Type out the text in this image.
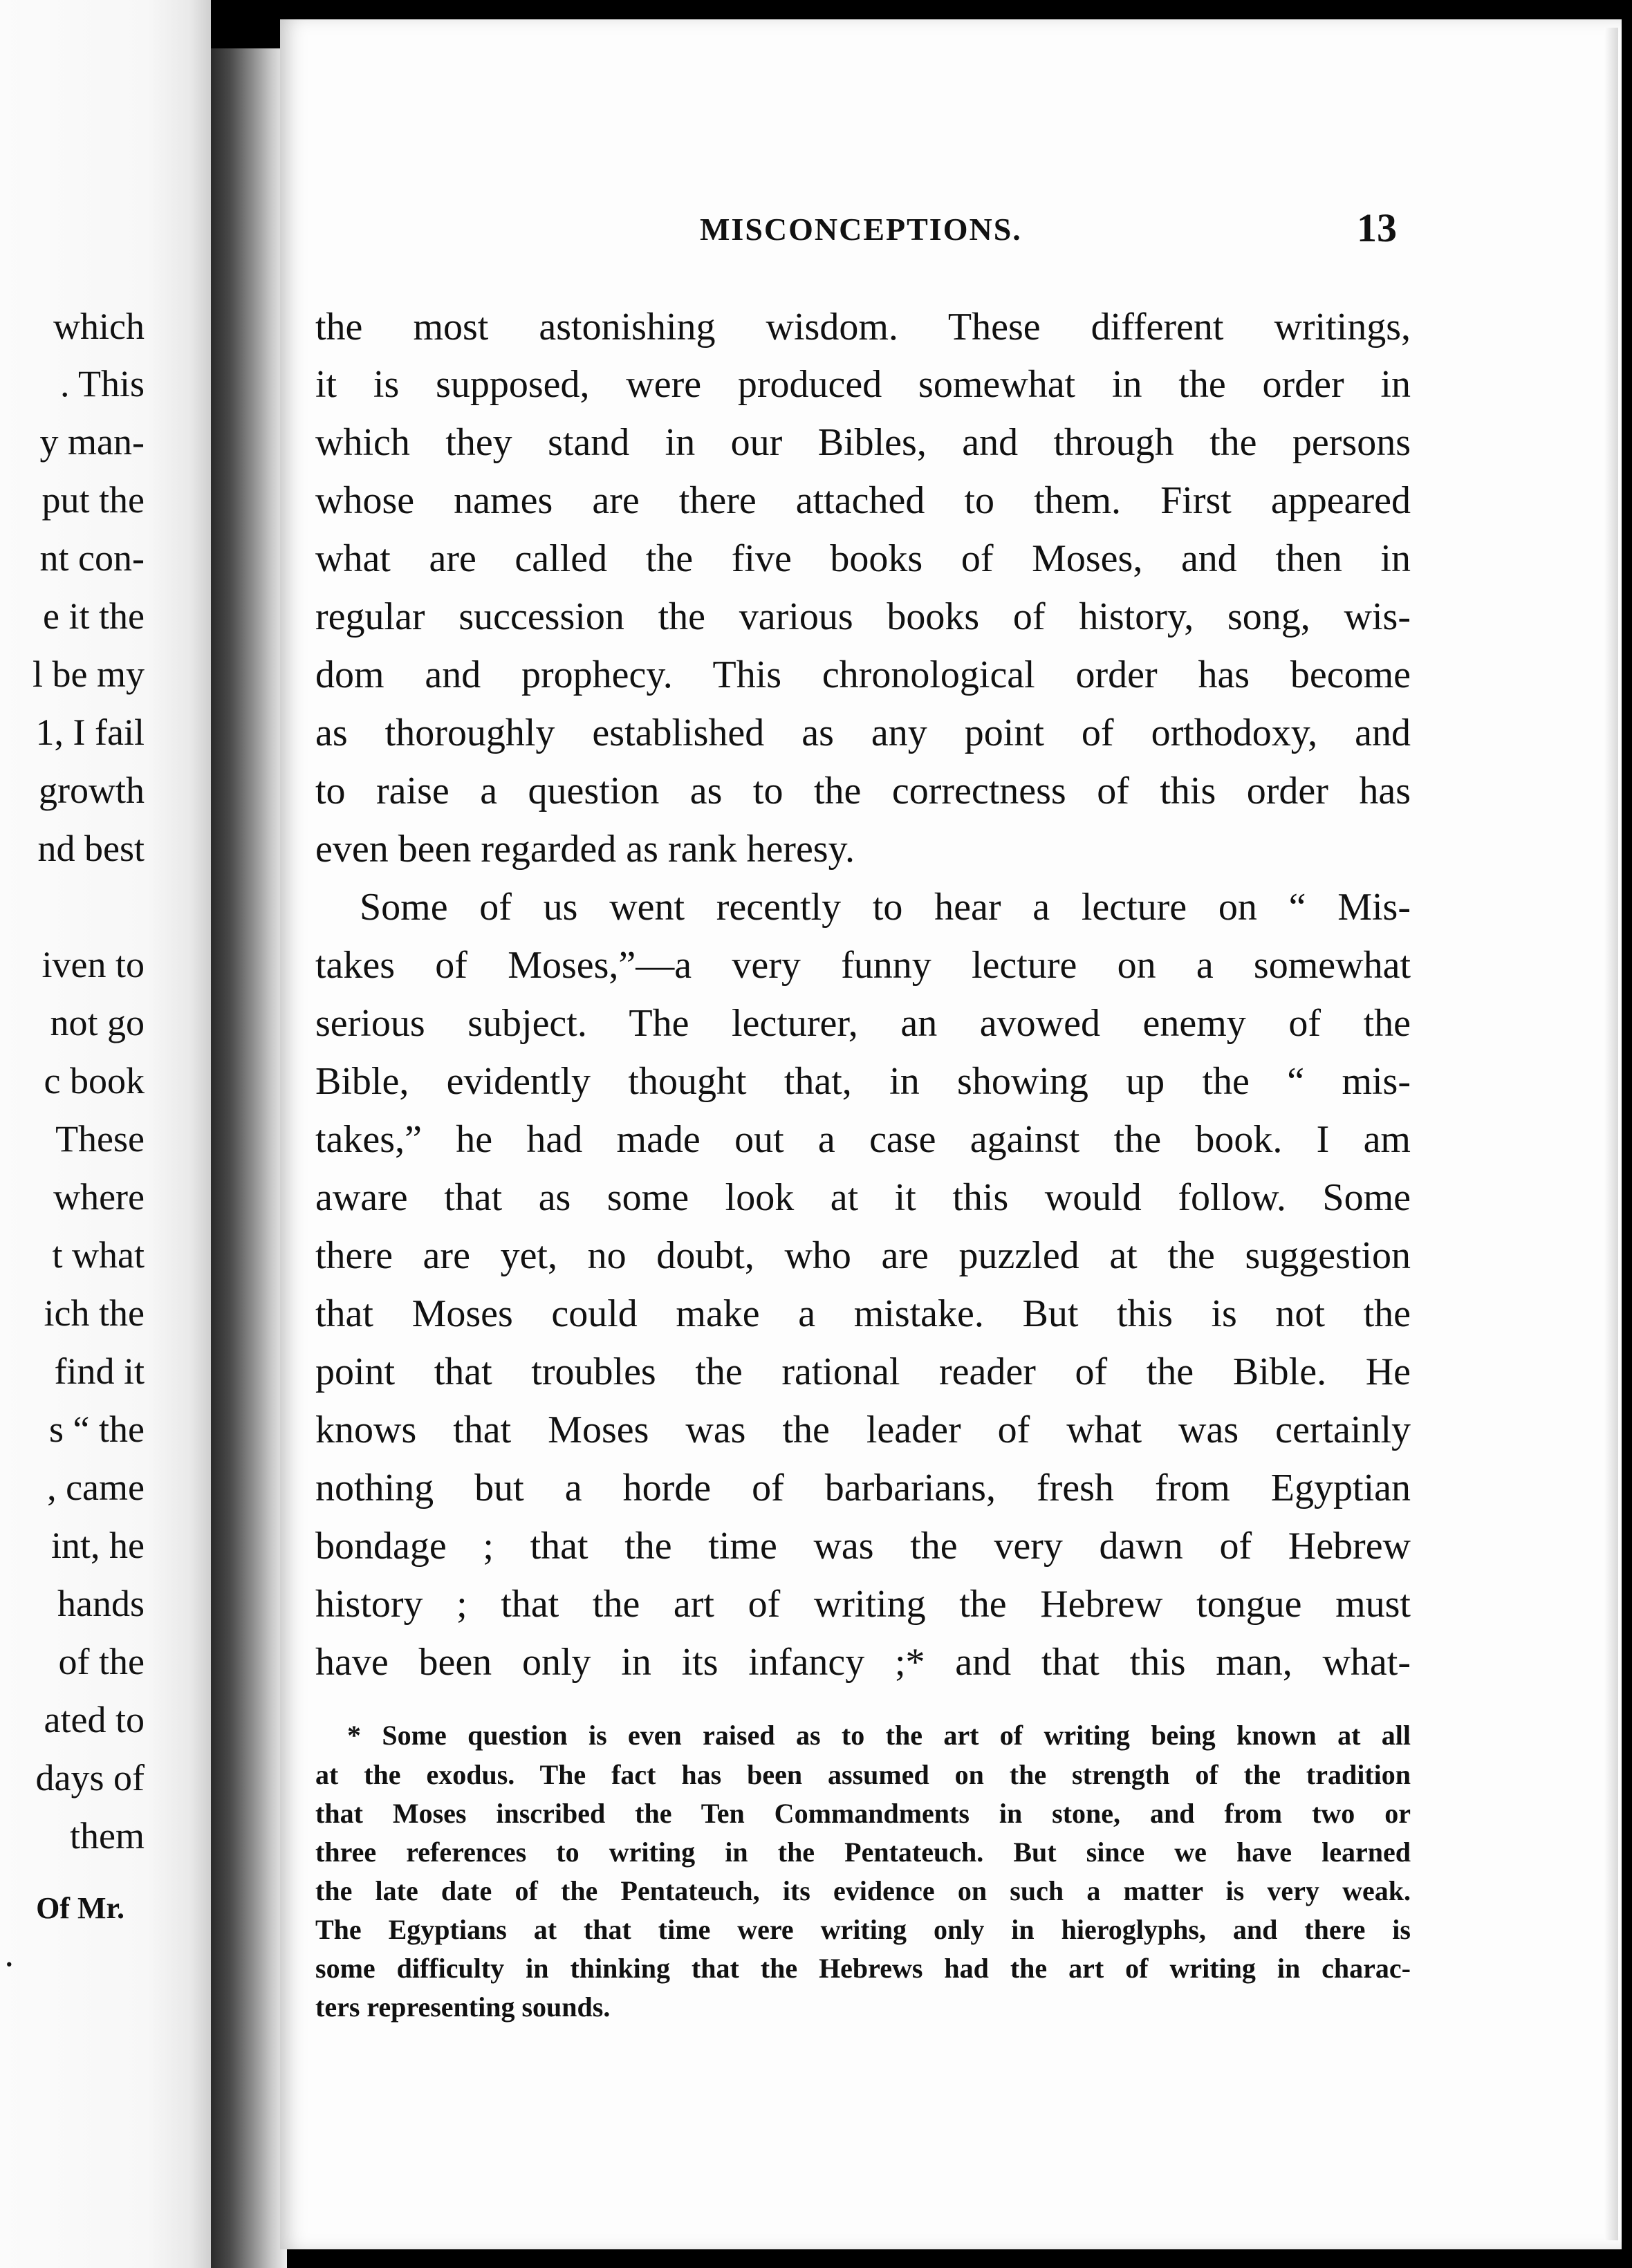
which
. This
y man-
put the
nt con-
e it the
l be my
1, I fail
growth
nd best
iven to
not go
c book
These
where
t what
ich the
find it
s “ the
, came
int, he
hands
of the
ated to
days of
them
Of Mr.
.
MISCONCEPTIONS.	13
the most astonishing wisdom. These different writings,
it is supposed, were produced somewhat in the order in
which they stand in our Bibles, and through the persons
whose names are there attached to them. First appeared
what are called the five books of Moses, and then in
regular succession the various books of history, song, wis-
dom and prophecy. This chronological order has become
as thoroughly established as any point of orthodoxy, and
to raise a question as to the correctness of this order has
even been regarded as rank heresy.
Some of us went recently to hear a lecture on “ Mis-
takes of Moses,”—a very funny lecture on a somewhat
serious subject. The lecturer, an avowed enemy of the
Bible, evidently thought that, in showing up the “ mis-
takes,” he had made out a case against the book. I am
aware that as some look at it this would follow. Some
there are yet, no doubt, who are puzzled at the suggestion
that Moses could make a mistake. But this is not the
point that troubles the rational reader of the Bible. He
knows that Moses was the leader of what was certainly
nothing but a horde of barbarians, fresh from Egyptian
bondage ; that the time was the very dawn of Hebrew
history ; that the art of writing the Hebrew tongue must
have been only in its infancy ;* and that this man, what-
* Some question is even raised as to the art of writing being known at all
at the exodus. The fact has been assumed on the strength of the tradition
that Moses inscribed the Ten Commandments in stone, and from two or
three references to writing in the Pentateuch. But since we have learned
the late date of the Pentateuch, its evidence on such a matter is very weak.
The Egyptians at that time were writing only in hieroglyphs, and there is
some difficulty in thinking that the Hebrews had the art of writing in charac-
ters representing sounds.
